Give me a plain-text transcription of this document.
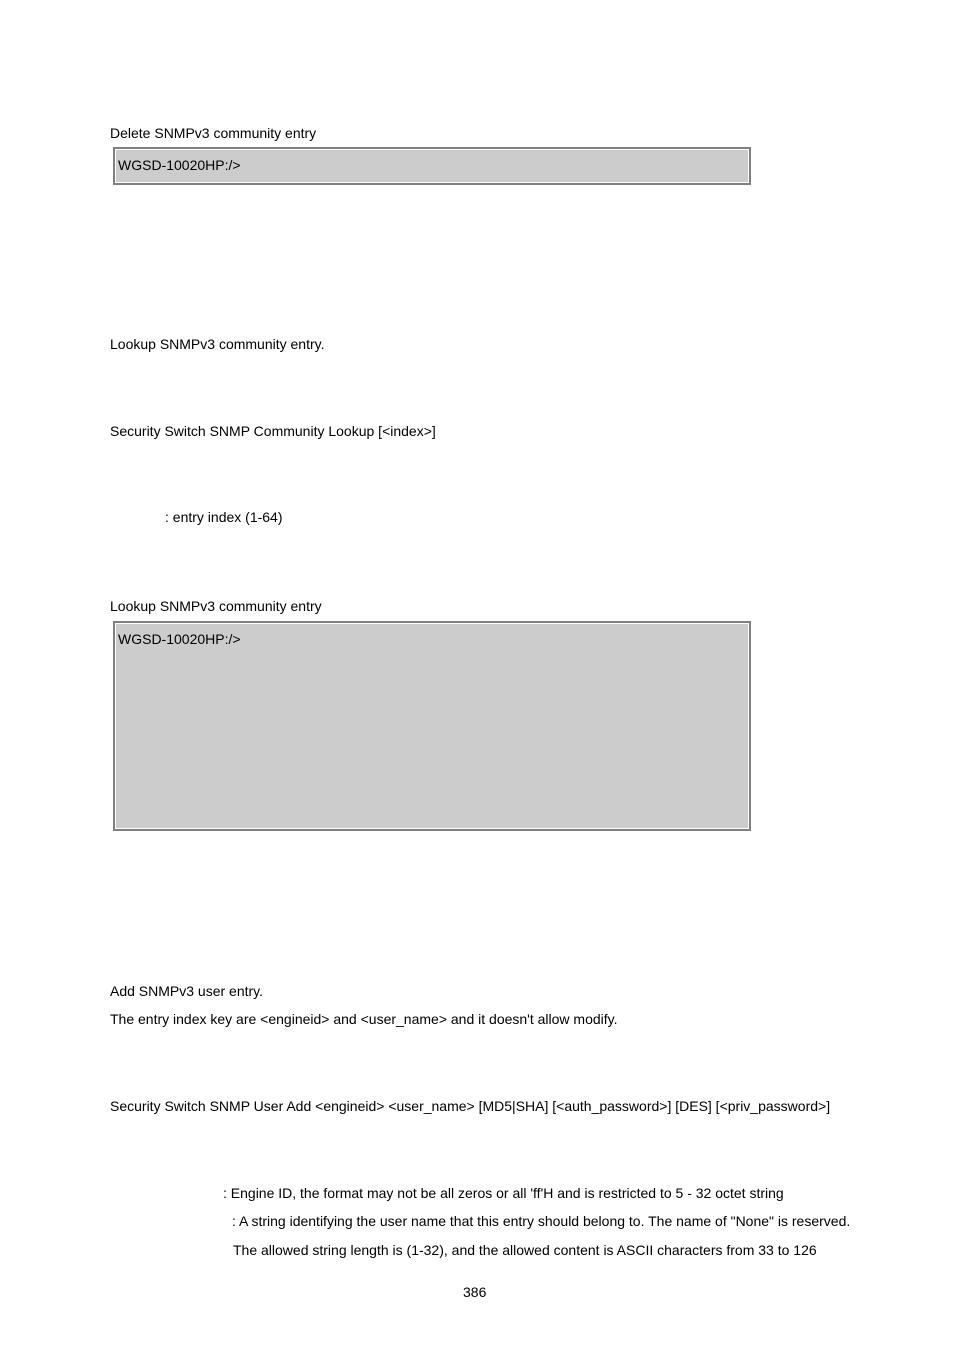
Delete SNMPv3 community entry
WGSD-10020HP:/>
Lookup SNMPv3 community entry.
Security Switch SNMP Community Lookup [<index>]
: entry index (1-64)
Lookup SNMPv3 community entry
WGSD-10020HP:/>
Add SNMPv3 user entry.
The entry index key are <engineid> and <user_name> and it doesn't allow modify.
Security Switch SNMP User Add <engineid> <user_name> [MD5|SHA] [<auth_password>] [DES] [<priv_password>]
: Engine ID, the format may not be all zeros or all 'ff'H and is restricted to 5 - 32 octet string
: A string identifying the user name that this entry should belong to. The name of "None" is reserved.
The allowed string length is (1-32), and the allowed content is ASCII characters from 33 to 126
386
